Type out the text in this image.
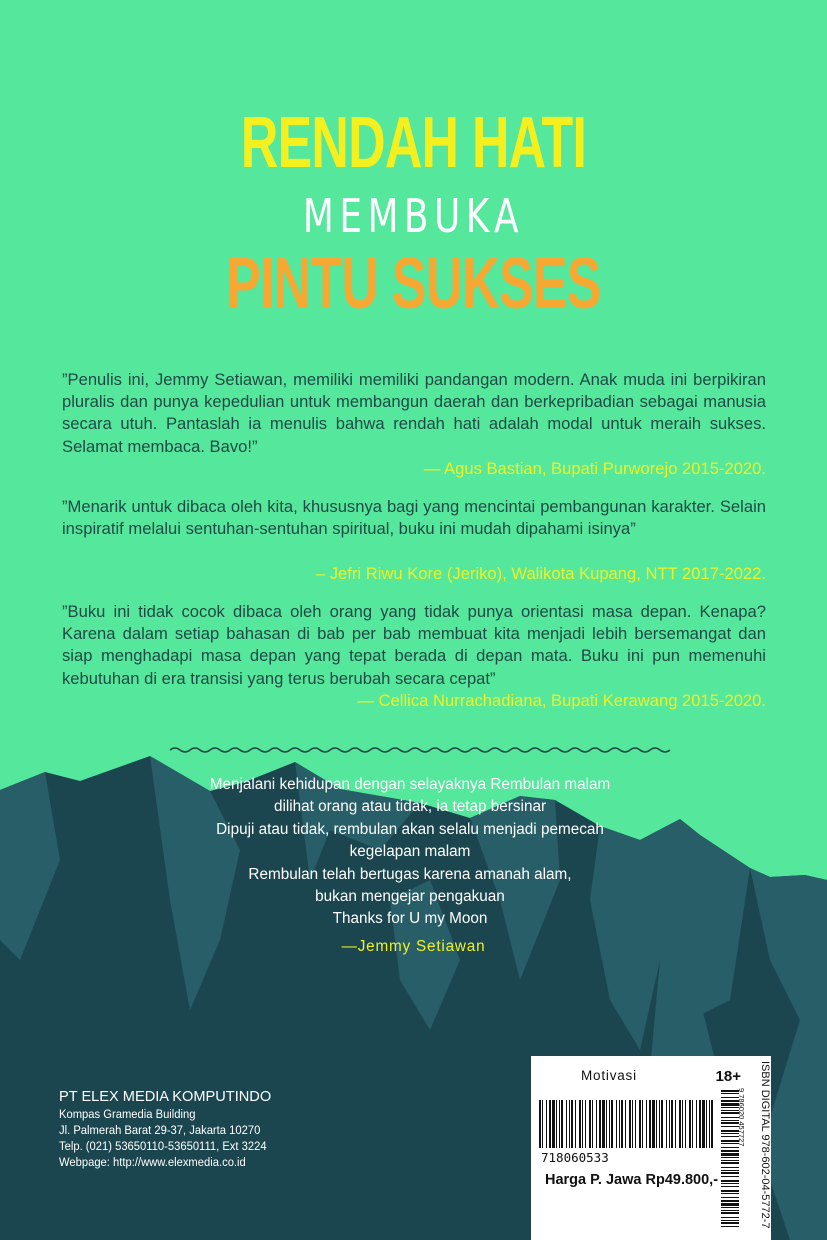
RENDAH HATI
MEMBUKA
PINTU SUKSES

”Penulis ini, Jemmy Setiawan, memiliki memiliki pandangan modern. Anak muda ini berpikiran pluralis dan punya kepedulian untuk membangun daerah dan berkepribadian sebagai manusia secara utuh. Pantaslah ia menulis bahwa rendah hati adalah modal untuk meraih sukses. Selamat membaca. Bavo!”

— Agus Bastian, Bupati Purworejo 2015-2020.

”Menarik untuk dibaca oleh kita, khususnya bagi yang mencintai pembangunan karakter. Selain inspiratif melalui sentuhan-sentuhan spiritual, buku ini mudah dipahami isinya”

– Jefri Riwu Kore (Jeriko), Walikota Kupang, NTT 2017-2022.

”Buku ini tidak cocok dibaca oleh orang yang tidak punya orientasi masa depan. Kenapa? Karena dalam setiap bahasan di bab per bab membuat kita menjadi lebih bersemangat dan siap menghadapi masa depan yang tepat berada di depan mata. Buku ini pun memenuhi kebutuhan di era transisi yang terus berubah secara cepat”

— Cellica Nurrachadiana, Bupati Kerawang 2015-2020.

Menjalani kehidupan dengan selayaknya Rembulan malam
dilihat orang atau tidak, ia tetap bersinar
Dipuji atau tidak, rembulan akan selalu menjadi pemecah
kegelapan malam
Rembulan telah bertugas karena amanah alam,
bukan mengejar pengakuan
Thanks for U my Moon
—Jemmy Setiawan
PT ELEX MEDIA KOMPUTINDO
Kompas Gramedia Building
Jl. Palmerah Barat 29-37, Jakarta 10270
Telp. (021) 53650110-53650111, Ext 3224
Webpage: http://www.elexmedia.co.id
Motivasi	18+
9 786020 457727 ISBN DIGITAL 978-602-04-5772-7
718060533
Harga P. Jawa Rp49.800,-
